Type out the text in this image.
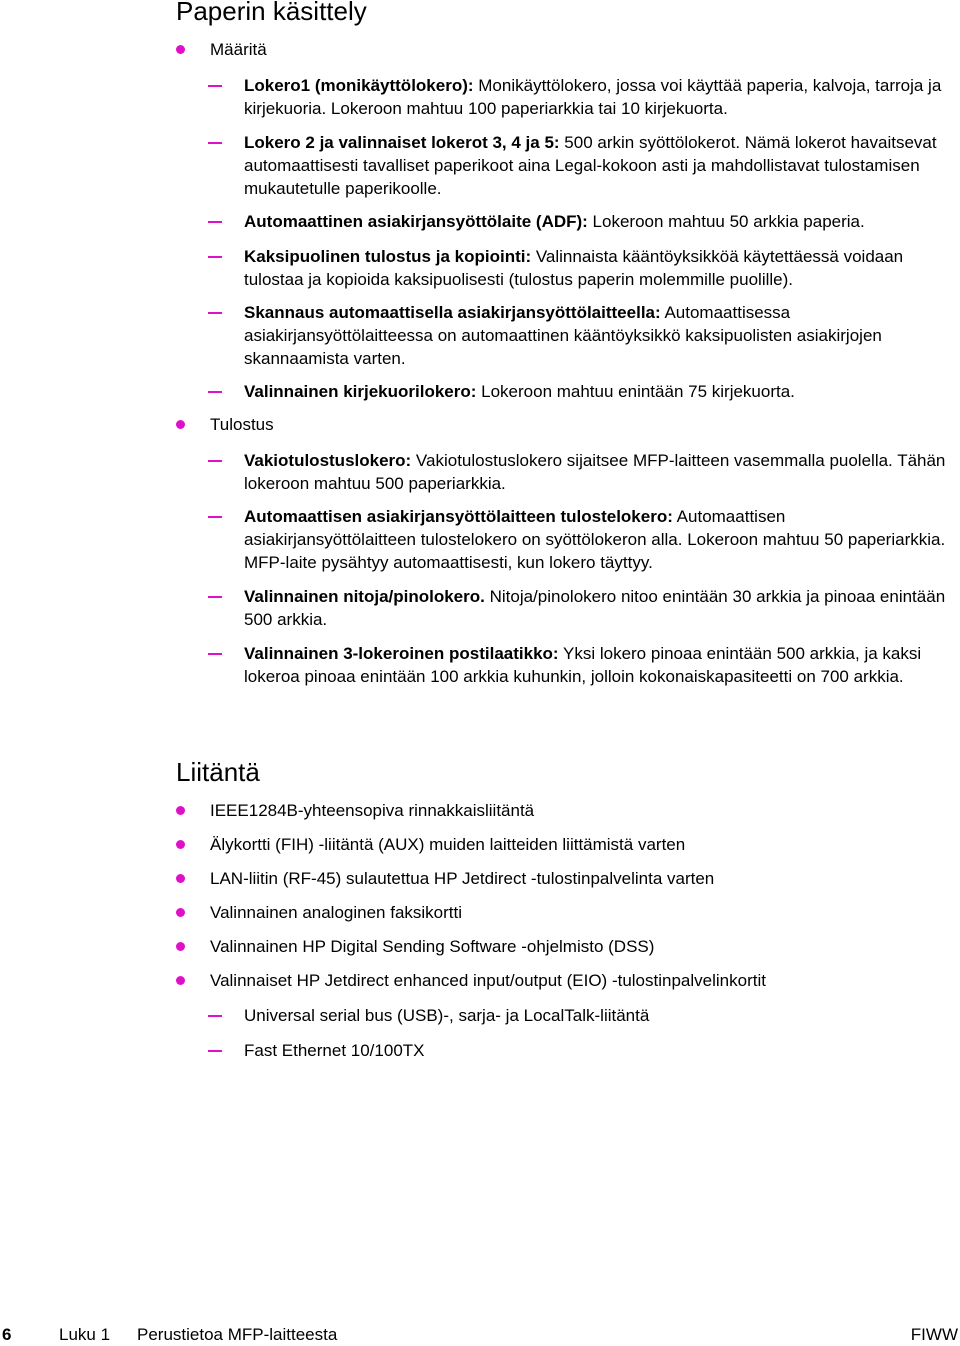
Paperin käsittely
Määritä
Lokero1 (monikäyttölokero): Monikäyttölokero, jossa voi käyttää paperia, kalvoja, tarroja ja kirjekuoria. Lokeroon mahtuu 100 paperiarkkia tai 10 kirjekuorta.
Lokero 2 ja valinnaiset lokerot 3, 4 ja 5: 500 arkin syöttölokerot. Nämä lokerot havaitsevat automaattisesti tavalliset paperikoot aina Legal-kokoon asti ja mahdollistavat tulostamisen mukautetulle paperikoolle.
Automaattinen asiakirjansyöttölaite (ADF): Lokeroon mahtuu 50 arkkia paperia.
Kaksipuolinen tulostus ja kopiointi: Valinnaista kääntöyksikköä käytettäessä voidaan tulostaa ja kopioida kaksipuolisesti (tulostus paperin molemmille puolille).
Skannaus automaattisella asiakirjansyöttölaitteella: Automaattisessa asiakirjansyöttölaitteessa on automaattinen kääntöyksikkö kaksipuolisten asiakirjojen skannaamista varten.
Valinnainen kirjekuorilokero: Lokeroon mahtuu enintään 75 kirjekuorta.
Tulostus
Vakiotulostuslokero: Vakiotulostuslokero sijaitsee MFP-laitteen vasemmalla puolella. Tähän lokeroon mahtuu 500 paperiarkkia.
Automaattisen asiakirjansyöttölaitteen tulostelokero: Automaattisen asiakirjansyöttölaitteen tulostelokero on syöttölokeron alla. Lokeroon mahtuu 50 paperiarkkia. MFP-laite pysähtyy automaattisesti, kun lokero täyttyy.
Valinnainen nitoja/pinolokero. Nitoja/pinolokero nitoo enintään 30 arkkia ja pinoaa enintään 500 arkkia.
Valinnainen 3-lokeroinen postilaatikko: Yksi lokero pinoaa enintään 500 arkkia, ja kaksi lokeroa pinoaa enintään 100 arkkia kuhunkin, jolloin kokonaiskapasiteetti on 700 arkkia.
Liitäntä
IEEE1284B-yhteensopiva rinnakkaisliitäntä
Älykortti (FIH) -liitäntä (AUX) muiden laitteiden liittämistä varten
LAN-liitin (RF-45) sulautettua HP Jetdirect -tulostinpalvelinta varten
Valinnainen analoginen faksikortti
Valinnainen HP Digital Sending Software -ohjelmisto (DSS)
Valinnaiset HP Jetdirect enhanced input/output (EIO) -tulostinpalvelinkortit
Universal serial bus (USB)-, sarja- ja LocalTalk-liitäntä
Fast Ethernet 10/100TX
6	Luku 1 Perustietoa MFP-laitteesta	FIWW
